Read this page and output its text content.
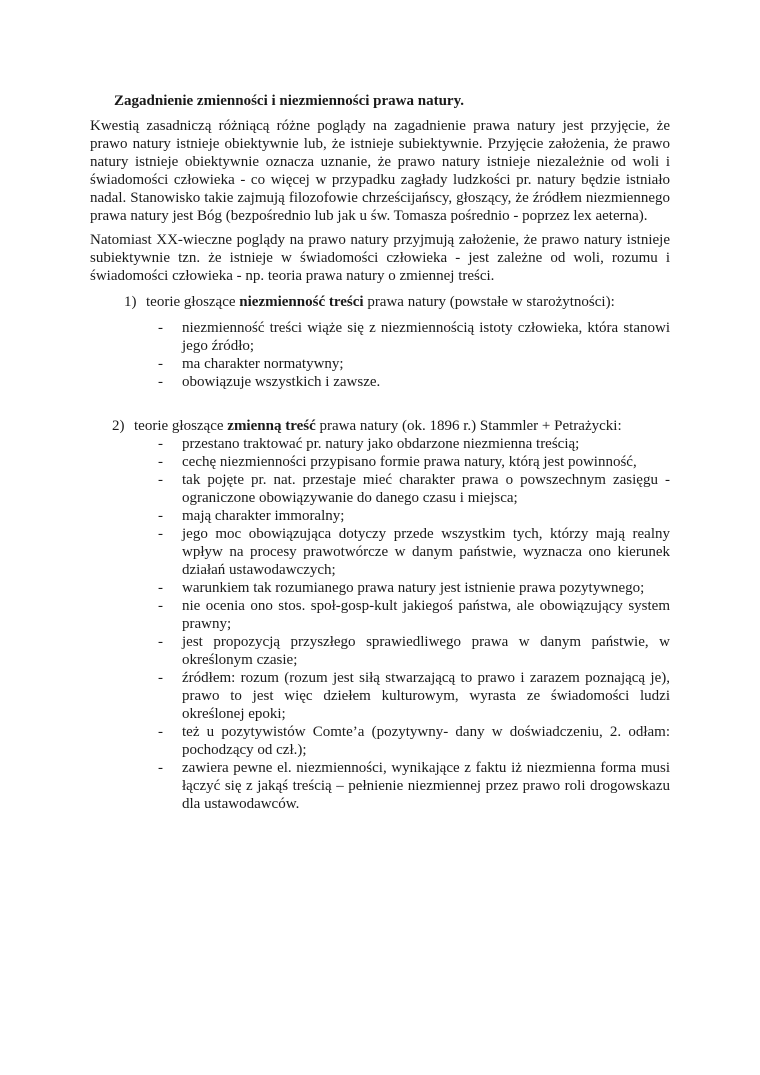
Zagadnienie zmienności i niezmienności prawa natury.

Kwestią zasadniczą różniącą różne poglądy na zagadnienie prawa natury jest przyjęcie, że prawo natury istnieje obiektywnie lub, że istnieje subiektywnie. Przyjęcie założenia, że prawo natury istnieje obiektywnie oznacza uznanie, że prawo natury istnieje niezależnie od woli i świadomości człowieka - co więcej w przypadku zagłady ludzkości pr. natury będzie istniało nadal. Stanowisko takie zajmują filozofowie chrześcijańscy, głoszący, że źródłem niezmiennego prawa natury jest Bóg (bezpośrednio lub jak u św. Tomasza pośrednio - poprzez lex aeterna).

Natomiast XX-wieczne poglądy na prawo natury przyjmują założenie, że prawo natury istnieje subiektywnie tzn. że istnieje w świadomości człowieka - jest zależne od woli, rozumu i świadomości człowieka - np. teoria prawa natury o zmiennej treści.

1) teorie głoszące niezmienność treści prawa natury (powstałe w starożytności):
-	niezmienność treści wiąże się z niezmiennością istoty człowieka, która stanowi jego źródło;
-	ma charakter normatywny;
-	obowiązuje wszystkich i zawsze.
2) teorie głoszące zmienną treść prawa natury (ok. 1896 r.) Stammler + Petrażycki:
-	przestano traktować pr. natury jako obdarzone niezmienna treścią;
-	cechę niezmienności przypisano formie prawa natury, którą jest powinność,
-	tak pojęte pr. nat. przestaje mieć charakter prawa o powszechnym zasięgu - ograniczone obowiązywanie do danego czasu i miejsca;
-	mają charakter immoralny;
-	jego moc obowiązująca dotyczy przede wszystkim tych, którzy mają realny wpływ na procesy prawotwórcze w danym państwie, wyznacza ono kierunek działań ustawodawczych;
-	warunkiem tak rozumianego prawa natury jest istnienie prawa pozytywnego;
-	nie ocenia ono stos. społ-gosp-kult jakiegoś państwa, ale obowiązujący system prawny;
-	jest propozycją przyszłego sprawiedliwego prawa w danym państwie, w określonym czasie;
-	źródłem: rozum (rozum jest siłą stwarzającą to prawo i zarazem poznającą je), prawo to jest więc dziełem kulturowym, wyrasta ze świadomości ludzi określonej epoki;
-	też u pozytywistów Comte’a (pozytywny- dany w doświadczeniu, 2. odłam: pochodzący od czł.);
-	zawiera pewne el. niezmienności, wynikające z faktu iż niezmienna forma musi łączyć się z jakąś treścią – pełnienie niezmiennej przez prawo roli drogowskazu dla ustawodawców.
